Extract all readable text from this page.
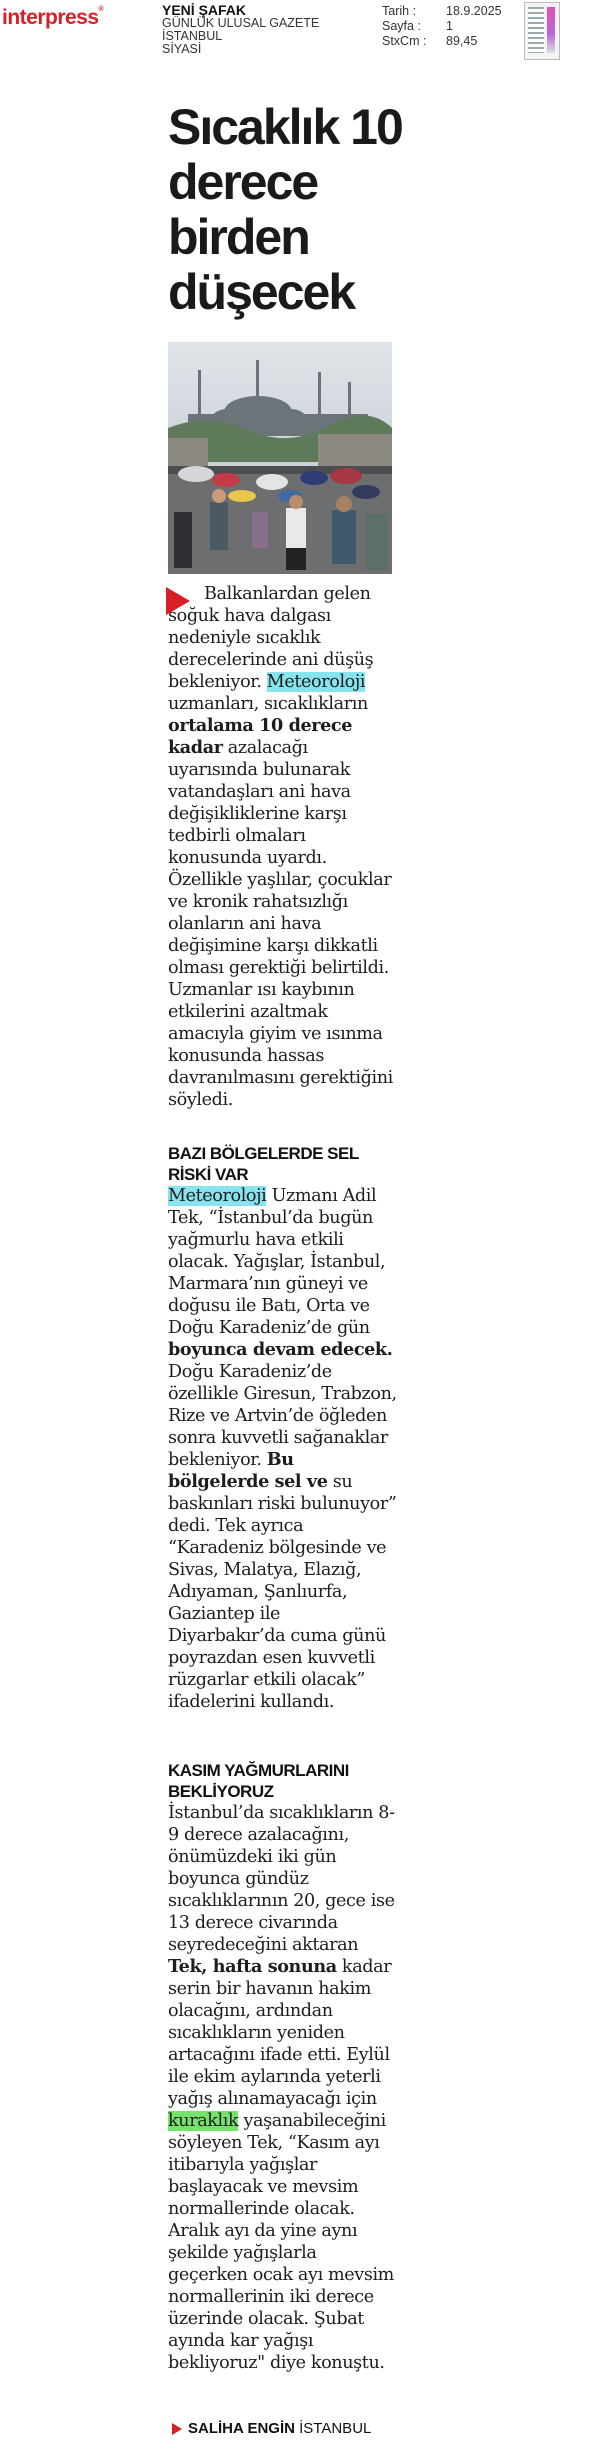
interpress®	YENİ ŞAFAK
GÜNLÜK ULUSAL GAZETE
İSTANBUL
SİYASİ
Tarih :	18.9.2025
Sayfa :	1
StxCm :	89,45
Sıcaklık 10 derece birden düşecek

Balkanlardan gelen soğuk hava dalgası nedeniyle sıcaklık derecelerinde ani düşüş bekleniyor. Meteoroloji uzmanları, sıcaklıkların ortalama 10 derece kadar azalacağı uyarısında bulunarak vatandaşları ani hava değişikliklerine karşı tedbirli olmaları konusunda uyardı. Özellikle yaşlılar, çocuklar ve kronik rahatsızlığı olanların ani hava değişimine karşı dikkatli olması gerektiği belirtildi. Uzmanlar ısı kaybının etkilerini azaltmak amacıyla giyim ve ısınma konusunda hassas davranılmasını gerektiğini söyledi.

BAZI BÖLGELERDE SEL RİSKİ VAR

Meteoroloji Uzmanı Adil Tek, “İstanbul’da bugün yağmurlu hava etkili olacak. Yağışlar, İstanbul, Marmara’nın güneyi ve doğusu ile Batı, Orta ve Doğu Karadeniz’de gün boyunca devam edecek. Doğu Karadeniz’de özellikle Giresun, Trabzon, Rize ve Artvin’de öğleden sonra kuvvetli sağanaklar bekleniyor. Bu bölgelerde sel ve su baskınları riski bulunuyor” dedi. Tek ayrıca “Karadeniz bölgesinde ve Sivas, Malatya, Elazığ, Adıyaman, Şanlıurfa, Gaziantep ile Diyarbakır’da cuma günü poyrazdan esen kuvvetli rüzgarlar etkili olacak” ifadelerini kullandı.

KASIM YAĞMURLARINI BEKLİYORUZ

İstanbul’da sıcaklıkların 8-9 derece azalacağını, önümüzdeki iki gün boyunca gündüz sıcaklıklarının 20, gece ise 13 derece civarında seyredeceğini aktaran Tek, hafta sonuna kadar serin bir havanın hakim olacağını, ardından sıcaklıkların yeniden artacağını ifade etti. Eylül ile ekim aylarında yeterli yağış alınamayacağı için kuraklık yaşanabileceğini söyleyen Tek, “Kasım ayı itibarıyla yağışlar başlayacak ve mevsim normallerinde olacak. Aralık ayı da yine aynı şekilde yağışlarla geçerken ocak ayı mevsim normallerinin iki derece üzerinde olacak. Şubat ayında kar yağışı bekliyoruz" diye konuştu.

SALİHA ENGİN İSTANBUL
